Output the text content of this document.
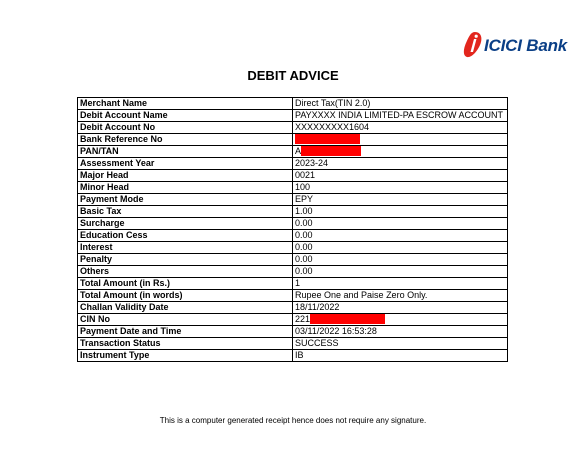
ICICI Bank
DEBIT ADVICE
Merchant Name	Direct Tax(TIN 2.0)
Debit Account Name	PAYXXXX INDIA LIMITED-PA ESCROW ACCOUNT
Debit Account No	XXXXXXXXX1604
Bank Reference No	
PAN/TAN	A
Assessment Year	2023-24
Major Head	0021
Minor Head	100
Payment Mode	EPY
Basic Tax	1.00
Surcharge	0.00
Education Cess	0.00
Interest	0.00
Penalty	0.00
Others	0.00
Total Amount (in Rs.)	1
Total Amount (in words)	Rupee One and Paise Zero Only.
Challan Validity Date	18/11/2022
CIN No	221
Payment Date and Time	03/11/2022 16:53:28
Transaction Status	SUCCESS
Instrument Type	IB
This is a computer generated receipt hence does not require any signature.
